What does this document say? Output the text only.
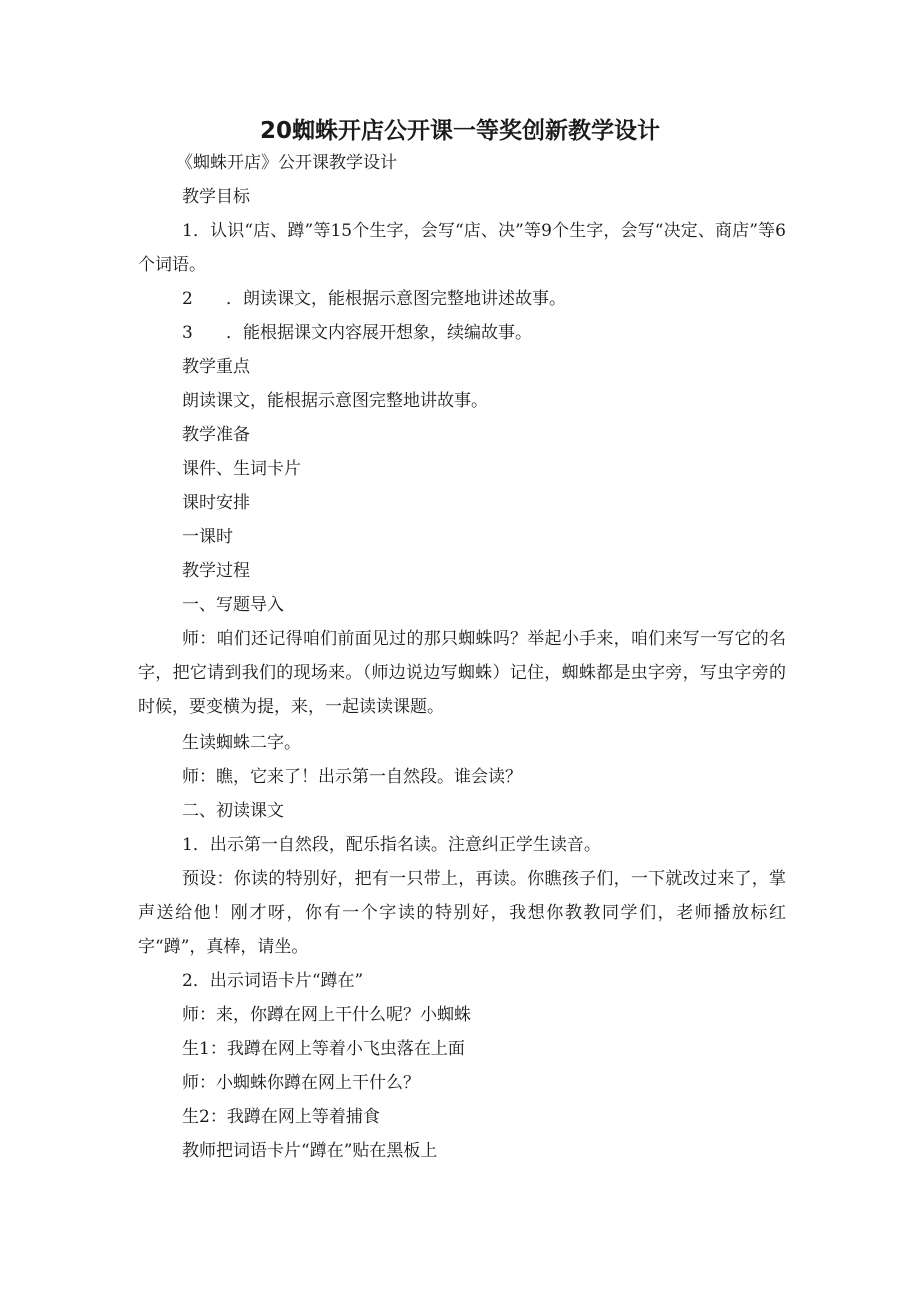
20蜘蛛开店公开课一等奖创新教学设计

《蜘蛛开店》公开课教学设计

教学目标

1．认识“店、蹲”等15个生字，会写“店、决”等9个生字，会写“决定、商店”等6个词语。

2 ．朗读课文，能根据示意图完整地讲述故事。

3 ．能根据课文内容展开想象，续编故事。

教学重点

朗读课文，能根据示意图完整地讲故事。

教学准备

课件、生词卡片

课时安排

一课时

教学过程

一、写题导入

师：咱们还记得咱们前面见过的那只蜘蛛吗？举起小手来，咱们来写一写它的名字，把它请到我们的现场来。（师边说边写蜘蛛）记住，蜘蛛都是虫字旁，写虫字旁的时候，要变横为提，来，一起读读课题。

生读蜘蛛二字。

师：瞧，它来了！出示第一自然段。谁会读？

二、初读课文

1．出示第一自然段，配乐指名读。注意纠正学生读音。

预设：你读的特别好，把有一只带上，再读。你瞧孩子们，一下就改过来了，掌声送给他！刚才呀，你有一个字读的特别好，我想你教教同学们，老师播放标红字“蹲”，真棒，请坐。

2．出示词语卡片“蹲在”

师：来，你蹲在网上干什么呢？小蜘蛛

生1：我蹲在网上等着小飞虫落在上面

师：小蜘蛛你蹲在网上干什么？

生2：我蹲在网上等着捕食

教师把词语卡片“蹲在”贴在黑板上
